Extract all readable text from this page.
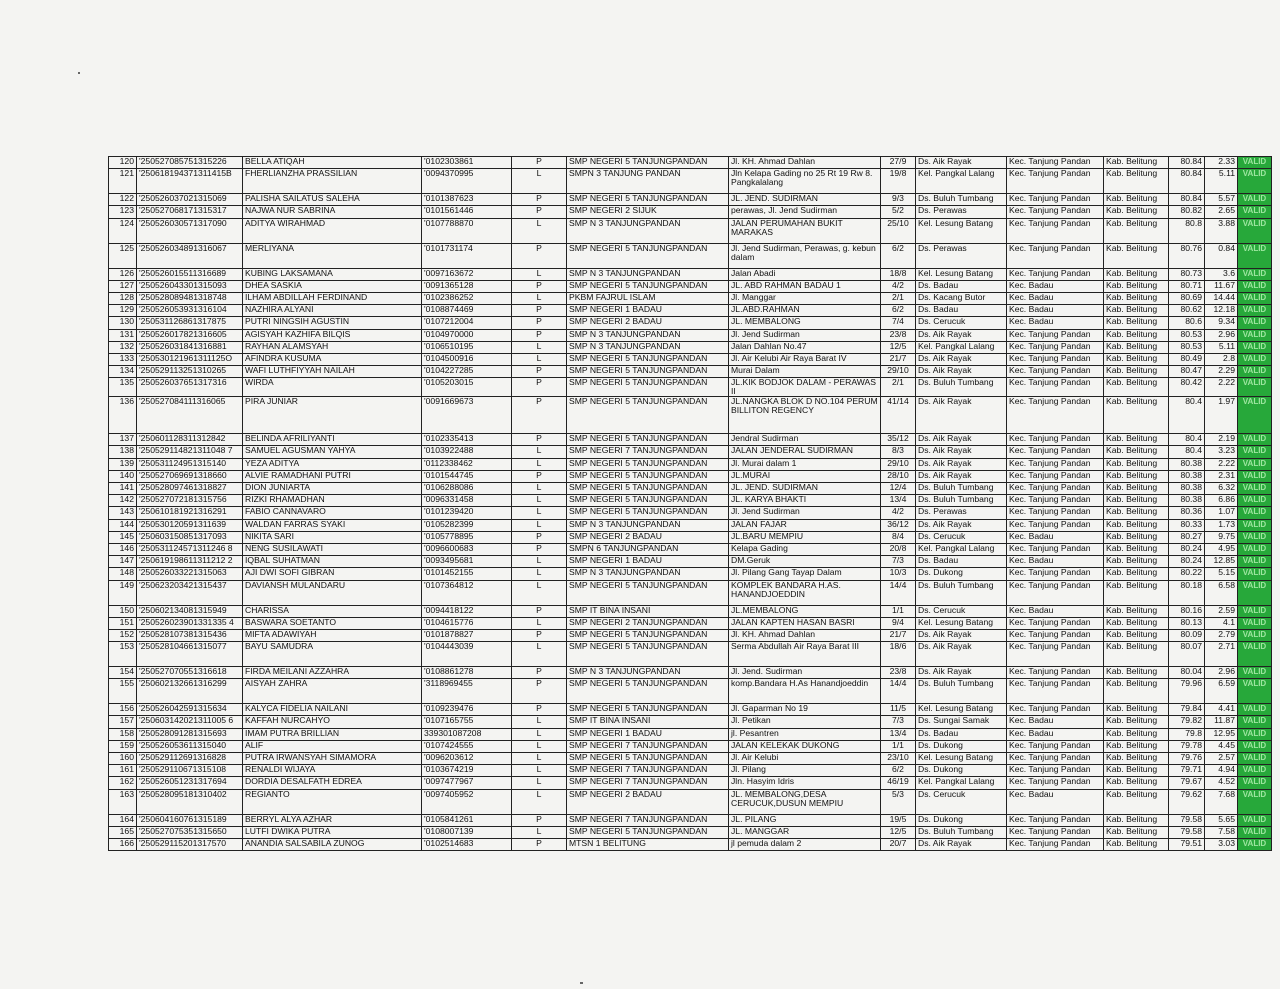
120	'250527085751315226	BELLA ATIQAH	'0102303861	P	SMP NEGERI 5 TANJUNGPANDAN	Jl. KH. Ahmad Dahlan	27/9	Ds. Aik Rayak	Kec. Tanjung Pandan	Kab. Belitung	80.84	2.33	VALID
121	'250618194371311415B	FHERLIANZHA PRASSILIAN	'0094370995	L	SMPN 3 TANJUNG PANDAN	Jln Kelapa Gading no 25 Rt 19 Rw 8. Pangkalalang	19/8	Kel. Pangkal Lalang	Kec. Tanjung Pandan	Kab. Belitung	80.84	5.11	VALID
122	'250526037021315069	PALISHA SAILATUS SALEHA	'0101387623	P	SMP NEGERI 5 TANJUNGPANDAN	JL. JEND. SUDIRMAN	9/3	Ds. Buluh Tumbang	Kec. Tanjung Pandan	Kab. Belitung	80.84	5.57	VALID
123	'250527068171315317	NAJWA NUR SABRINA	'0101561446	P	SMP NEGERI 2 SIJUK	perawas, Jl. Jend Sudirman	5/2	Ds. Perawas	Kec. Tanjung Pandan	Kab. Belitung	80.82	2.65	VALID
124	'250526030571317090	ADITYA WIRAHMAD	'0107788870	L	SMP N 3 TANJUNGPANDAN	JALAN PERUMAHAN BUKIT MARAKAS	25/10	Kel. Lesung Batang	Kec. Tanjung Pandan	Kab. Belitung	80.8	3.88	VALID
125	'250526034891316067	MERLIYANA	'0101731174	P	SMP NEGERI 5 TANJUNGPANDAN	Jl. Jend Sudirman, Perawas, g. kebun dalam	6/2	Ds. Perawas	Kec. Tanjung Pandan	Kab. Belitung	80.76	0.84	VALID
126	'250526015511316689	KUBING LAKSAMANA	'0097163672	L	SMP N 3 TANJUNGPANDAN	Jalan Abadi	18/8	Kel. Lesung Batang	Kec. Tanjung Pandan	Kab. Belitung	80.73	3.6	VALID
127	'250526043301315093	DHEA SASKIA	'0091365128	P	SMP NEGERI 5 TANJUNGPANDAN	JL. ABD RAHMAN BADAU 1	4/2	Ds. Badau	Kec. Badau	Kab. Belitung	80.71	11.67	VALID
128	'250528089481318748	ILHAM ABDILLAH FERDINAND	'0102386252	L	PKBM FAJRUL ISLAM	Jl. Manggar	2/1	Ds. Kacang Butor	Kec. Badau	Kab. Belitung	80.69	14.44	VALID
129	'250526053931316104	NAZHIRA ALYANI	'0108874469	P	SMP NEGERI 1 BADAU	JL.ABD.RAHMAN	6/2	Ds. Badau	Kec. Badau	Kab. Belitung	80.62	12.18	VALID
130	'250531126861317875	PUTRI NINGSIH AGUSTIN	'0107212004	P	SMP NEGERI 2 BADAU	JL. MEMBALONG	7/4	Ds. Cerucuk	Kec. Badau	Kab. Belitung	80.6	9.34	VALID
131	'250526017821316605	AGISYAH KAZHIFA BILQIS	'0104970000	P	SMP N 3 TANJUNGPANDAN	Jl. Jend Sudirman	23/8	Ds. Aik Rayak	Kec. Tanjung Pandan	Kab. Belitung	80.53	2.96	VALID
132	'250526031841316881	RAYHAN ALAMSYAH	'0106510195	L	SMP N 3 TANJUNGPANDAN	Jalan Dahlan No.47	12/5	Kel. Pangkal Lalang	Kec. Tanjung Pandan	Kab. Belitung	80.53	5.11	VALID
133	'250530121961311125O	AFINDRA KUSUMA	'0104500916	L	SMP NEGERI 5 TANJUNGPANDAN	Jl. Air Kelubi Air Raya Barat IV	21/7	Ds. Aik Rayak	Kec. Tanjung Pandan	Kab. Belitung	80.49	2.8	VALID
134	'250529113251310265	WAFI LUTHFIYYAH NAILAH	'0104227285	P	SMP NEGERI 5 TANJUNGPANDAN	Murai Dalam	29/10	Ds. Aik Rayak	Kec. Tanjung Pandan	Kab. Belitung	80.47	2.29	VALID
135	'250526037651317316	WIRDA	'0105203015	P	SMP NEGERI 5 TANJUNGPANDAN	JL.KIK BODJOK DALAM - PERAWAS II	2/1	Ds. Buluh Tumbang	Kec. Tanjung Pandan	Kab. Belitung	80.42	2.22	VALID
136	'250527084111316065	PIRA JUNIAR	'0091669673	P	SMP NEGERI 5 TANJUNGPANDAN	JL.NANGKA BLOK D NO.104 PERUM BILLITON REGENCY	41/14	Ds. Aik Rayak	Kec. Tanjung Pandan	Kab. Belitung	80.4	1.97	VALID
137	'250601128311312842	BELINDA AFRILIYANTI	'0102335413	P	SMP NEGERI 5 TANJUNGPANDAN	Jendral Sudirman	35/12	Ds. Aik Rayak	Kec. Tanjung Pandan	Kab. Belitung	80.4	2.19	VALID
138	'250529114821311048 7	SAMUEL AGUSMAN YAHYA	'0103922488	L	SMP NEGERI 7 TANJUNGPANDAN	JALAN JENDERAL SUDIRMAN	8/3	Ds. Aik Rayak	Kec. Tanjung Pandan	Kab. Belitung	80.4	3.23	VALID
139	'250531124951315140	YEZA ADITYA	'0112338462	L	SMP NEGERI 5 TANJUNGPANDAN	Jl. Murai dalam 1	29/10	Ds. Aik Rayak	Kec. Tanjung Pandan	Kab. Belitung	80.38	2.22	VALID
140	'250527069691318660	ALVIE RAMADHANI PUTRI	'0101544745	P	SMP NEGERI 5 TANJUNGPANDAN	JL.MURAI	28/10	Ds. Aik Rayak	Kec. Tanjung Pandan	Kab. Belitung	80.38	2.31	VALID
141	'250528097461318827	DION JUNIARTA	'0106288086	L	SMP NEGERI 5 TANJUNGPANDAN	JL. JEND. SUDIRMAN	12/4	Ds. Buluh Tumbang	Kec. Tanjung Pandan	Kab. Belitung	80.38	6.32	VALID
142	'250527072181315756	RIZKI RHAMADHAN	'0096331458	L	SMP NEGERI 5 TANJUNGPANDAN	JL. KARYA BHAKTI	13/4	Ds. Buluh Tumbang	Kec. Tanjung Pandan	Kab. Belitung	80.38	6.86	VALID
143	'250610181921316291	FABIO CANNAVARO	'0101239420	L	SMP NEGERI 5 TANJUNGPANDAN	Jl. Jend Sudirman	4/2	Ds. Perawas	Kec. Tanjung Pandan	Kab. Belitung	80.36	1.07	VALID
144	'250530120591311639	WALDAN FARRAS SYAKI	'0105282399	L	SMP N 3 TANJUNGPANDAN	JALAN FAJAR	36/12	Ds. Aik Rayak	Kec. Tanjung Pandan	Kab. Belitung	80.33	1.73	VALID
145	'250603150851317093	NIKITA SARI	'0105778895	P	SMP NEGERI 2 BADAU	JL.BARU MEMPIU	8/4	Ds. Cerucuk	Kec. Badau	Kab. Belitung	80.27	9.75	VALID
146	'250531124571311246 8	NENG SUSILAWATI	'0096600683	P	SMPN 6 TANJUNGPANDAN	Kelapa Gading	20/8	Kel. Pangkal Lalang	Kec. Tanjung Pandan	Kab. Belitung	80.24	4.95	VALID
147	'250619198611311212 2	IQBAL SUHATMAN	'0093495681	L	SMP NEGERI 1 BADAU	DM.Geruk	7/3	Ds. Badau	Kec. Badau	Kab. Belitung	80.24	12.85	VALID
148	'250526033221315063	AJI DWI SOFI GIBRAN	'0101452155	L	SMP N 3 TANJUNGPANDAN	Jl. Pilang Gang Tayap Dalam	10/3	Ds. Dukong	Kec. Tanjung Pandan	Kab. Belitung	80.22	5.15	VALID
149	'250623203421315437	DAVIANSH MULANDARU	'0107364812	L	SMP NEGERI 5 TANJUNGPANDAN	KOMPLEK BANDARA H.AS. HANANDJOEDDIN	14/4	Ds. Buluh Tumbang	Kec. Tanjung Pandan	Kab. Belitung	80.18	6.58	VALID
150	'250602134081315949	CHARISSA	'0094418122	P	SMP IT BINA INSANI	JL.MEMBALONG	1/1	Ds. Cerucuk	Kec. Badau	Kab. Belitung	80.16	2.59	VALID
151	'250526023901331335 4	BASWARA SOETANTO	'0104615776	L	SMP NEGERI 2 TANJUNGPANDAN	JALAN KAPTEN HASAN BASRI	9/4	Kel. Lesung Batang	Kec. Tanjung Pandan	Kab. Belitung	80.13	4.1	VALID
152	'250528107381315436	MIFTA ADAWIYAH	'0101878827	P	SMP NEGERI 5 TANJUNGPANDAN	Jl. KH. Ahmad Dahlan	21/7	Ds. Aik Rayak	Kec. Tanjung Pandan	Kab. Belitung	80.09	2.79	VALID
153	'250528104661315077	BAYU SAMUDRA	'0104443039	L	SMP NEGERI 5 TANJUNGPANDAN	Serma Abdullah Air Raya Barat III	18/6	Ds. Aik Rayak	Kec. Tanjung Pandan	Kab. Belitung	80.07	2.71	VALID
154	'250527070551316618	FIRDA MEILANI AZZAHRA	'0108861278	P	SMP N 3 TANJUNGPANDAN	Jl. Jend. Sudirman	23/8	Ds. Aik Rayak	Kec. Tanjung Pandan	Kab. Belitung	80.04	2.96	VALID
155	'250602132661316299	AISYAH ZAHRA	'3118969455	P	SMP NEGERI 5 TANJUNGPANDAN	komp.Bandara H.As Hanandjoeddin	14/4	Ds. Buluh Tumbang	Kec. Tanjung Pandan	Kab. Belitung	79.96	6.59	VALID
156	'250526042591315634	KALYCA FIDELIA NAILANI	'0109239476	P	SMP NEGERI 5 TANJUNGPANDAN	Jl. Gaparman No 19	11/5	Kel. Lesung Batang	Kec. Tanjung Pandan	Kab. Belitung	79.84	4.41	VALID
157	'250603142021311005 6	KAFFAH NURCAHYO	'0107165755	L	SMP IT BINA INSANI	Jl. Petikan	7/3	Ds. Sungai Samak	Kec. Badau	Kab. Belitung	79.82	11.87	VALID
158	'250528091281315693	IMAM PUTRA BRILLIAN	339301087208	L	SMP NEGERI 1 BADAU	jl. Pesantren	13/4	Ds. Badau	Kec. Badau	Kab. Belitung	79.8	12.95	VALID
159	'250526053611315040	ALIF	'0107424555	L	SMP NEGERI 7 TANJUNGPANDAN	JALAN KELEKAK DUKONG	1/1	Ds. Dukong	Kec. Tanjung Pandan	Kab. Belitung	79.78	4.45	VALID
160	'250529112691316828	PUTRA IRWANSYAH SIMAMORA	'0096203612	L	SMP NEGERI 5 TANJUNGPANDAN	Jl. Air Kelubi	23/10	Kel. Lesung Batang	Kec. Tanjung Pandan	Kab. Belitung	79.76	2.57	VALID
161	'250529110671315108	RENALDI WIJAYA	'0103674219	L	SMP NEGERI 7 TANJUNGPANDAN	Jl. Pilang	6/2	Ds. Dukong	Kec. Tanjung Pandan	Kab. Belitung	79.71	4.94	VALID
162	'250526051231317694	DORDIA DESALFATH EDREA	'0097477967	L	SMP NEGERI 7 TANJUNGPANDAN	Jln. Hasyim Idris	46/19	Kel. Pangkal Lalang	Kec. Tanjung Pandan	Kab. Belitung	79.67	4.52	VALID
163	'250528095181310402	REGIANTO	'0097405952	L	SMP NEGERI 2 BADAU	JL. MEMBALONG,DESA CERUCUK,DUSUN MEMPIU	5/3	Ds. Cerucuk	Kec. Badau	Kab. Belitung	79.62	7.68	VALID
164	'250604160761315189	BERRYL ALYA AZHAR	'0105841261	P	SMP NEGERI 7 TANJUNGPANDAN	JL. PILANG	19/5	Ds. Dukong	Kec. Tanjung Pandan	Kab. Belitung	79.58	5.65	VALID
165	'250527075351315650	LUTFI DWIKA PUTRA	'0108007139	L	SMP NEGERI 5 TANJUNGPANDAN	JL. MANGGAR	12/5	Ds. Buluh Tumbang	Kec. Tanjung Pandan	Kab. Belitung	79.58	7.58	VALID
166	'250529115201317570	ANANDIA SALSABILA ZUNOG	'0102514683	P	MTSN 1 BELITUNG	jl pemuda dalam 2	20/7	Ds. Aik Rayak	Kec. Tanjung Pandan	Kab. Belitung	79.51	3.03	VALID
